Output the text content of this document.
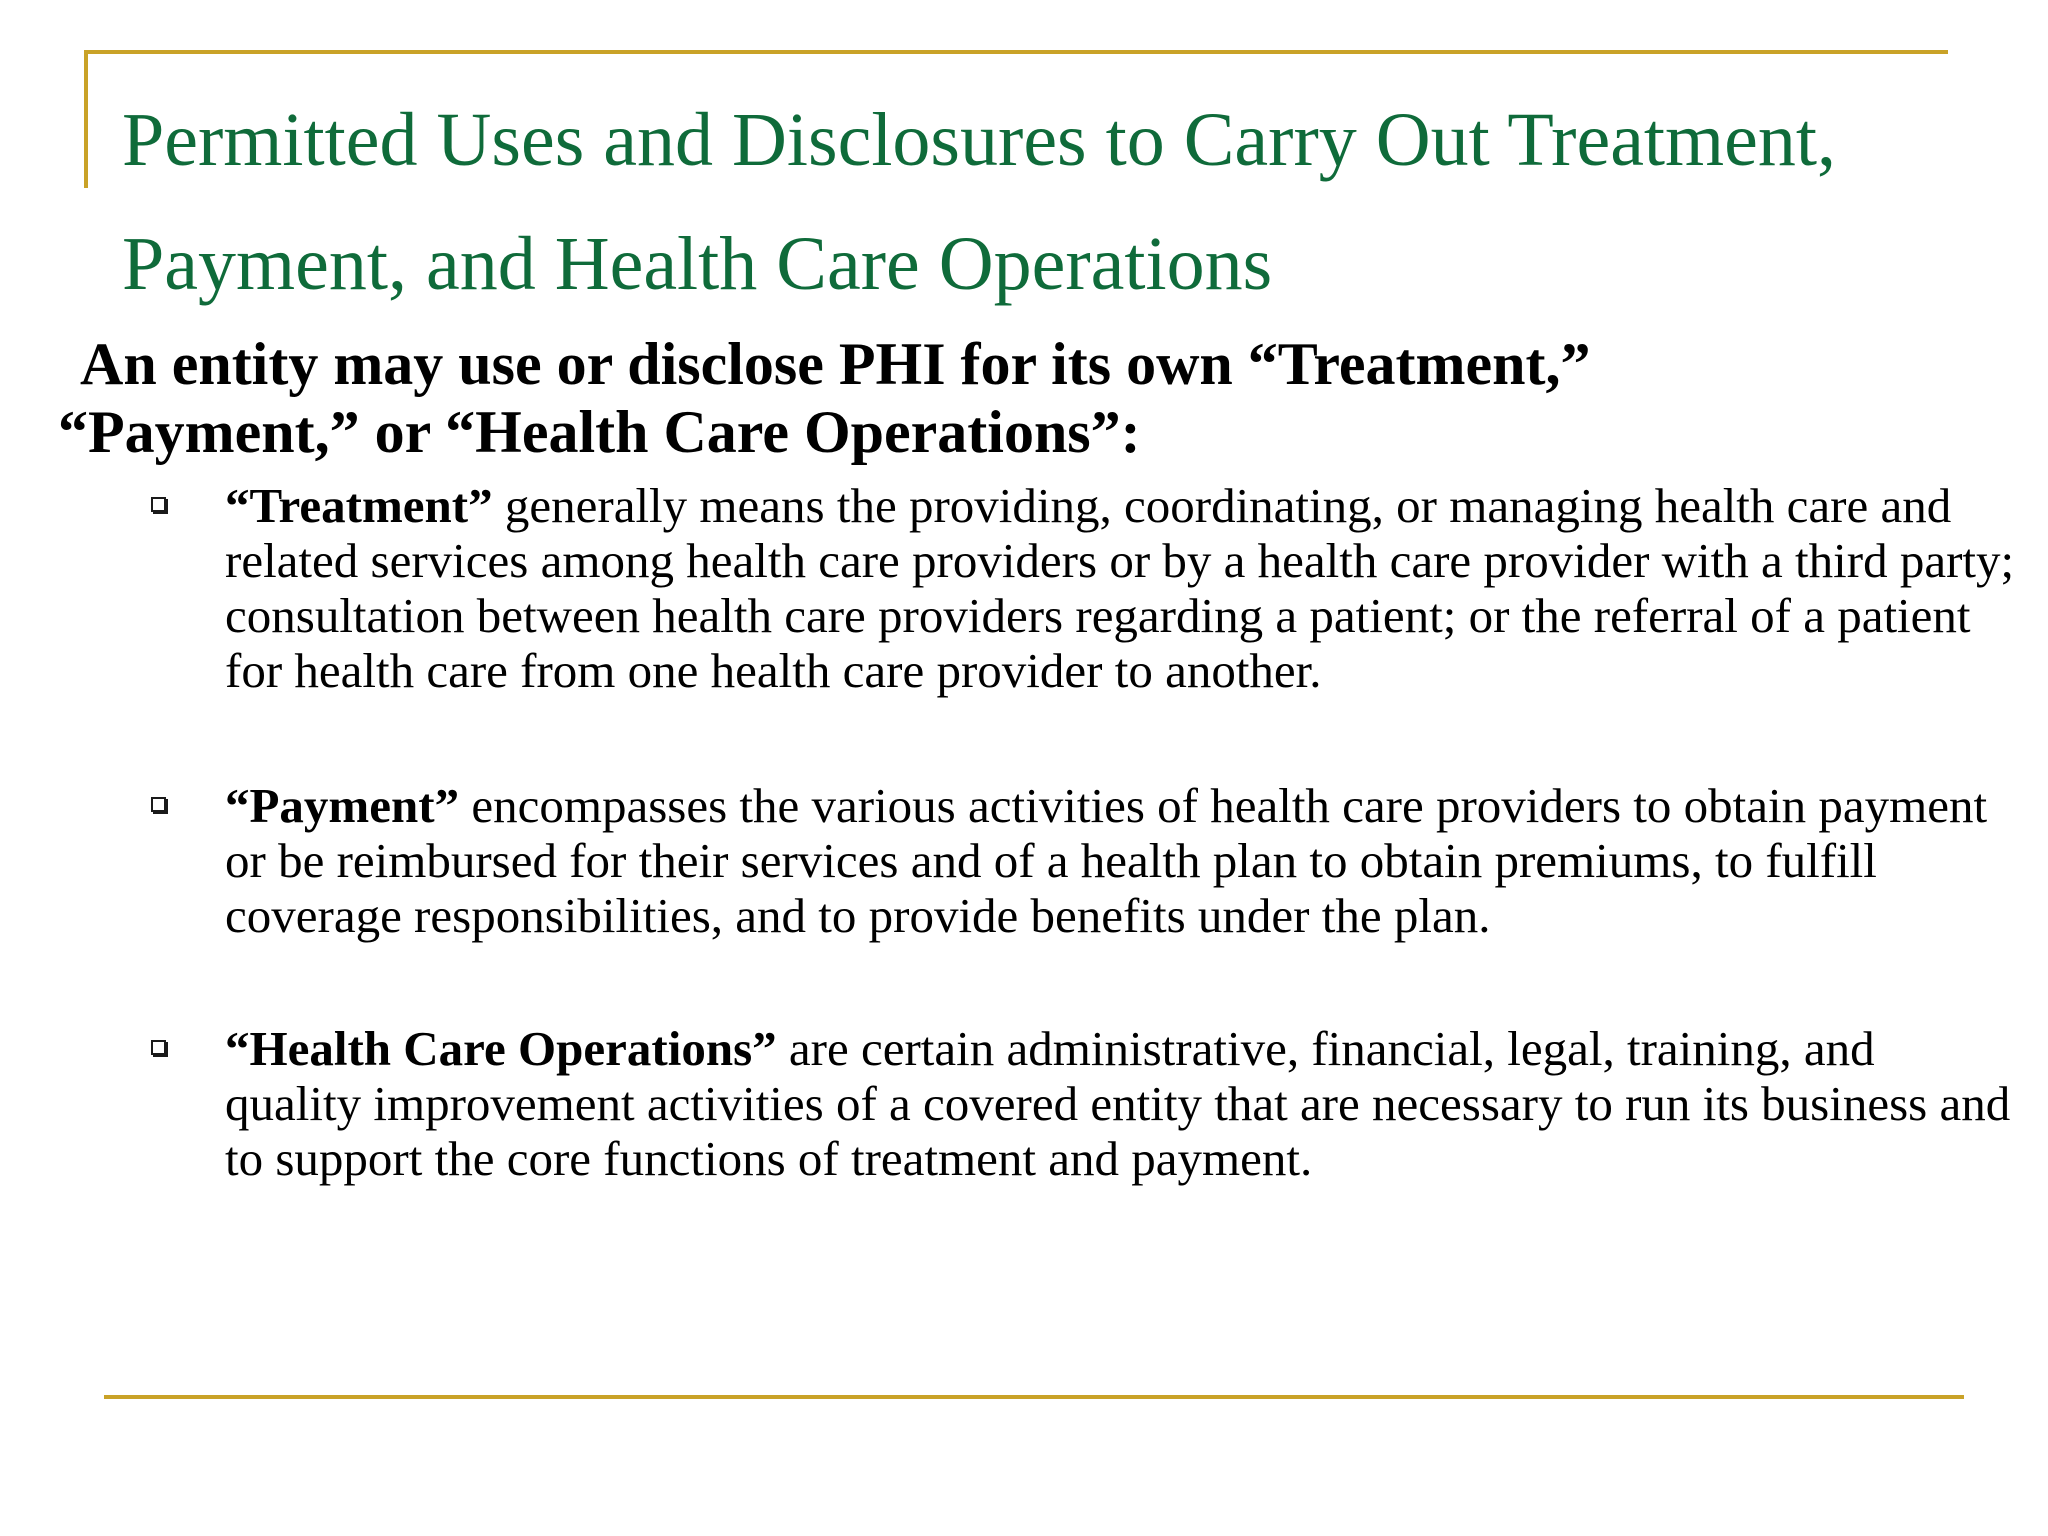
Permitted Uses and Disclosures to Carry Out Treatment,
Payment, and Health Care Operations

An entity may use or disclose PHI for its own “Treatment,”
“Payment,” or “Health Care Operations”:

“Treatment” generally means the providing, coordinating, or managing health care and related services among health care providers or by a health care provider with a third party; consultation between health care providers regarding a patient; or the referral of a patient for health care from one health care provider to another.
“Payment” encompasses the various activities of health care providers to obtain payment or be reimbursed for their services and of a health plan to obtain premiums, to fulfill coverage responsibilities, and to provide benefits under the plan.
“Health Care Operations” are certain administrative, financial, legal, training, and quality improvement activities of a covered entity that are necessary to run its business and to support the core functions of treatment and payment.
